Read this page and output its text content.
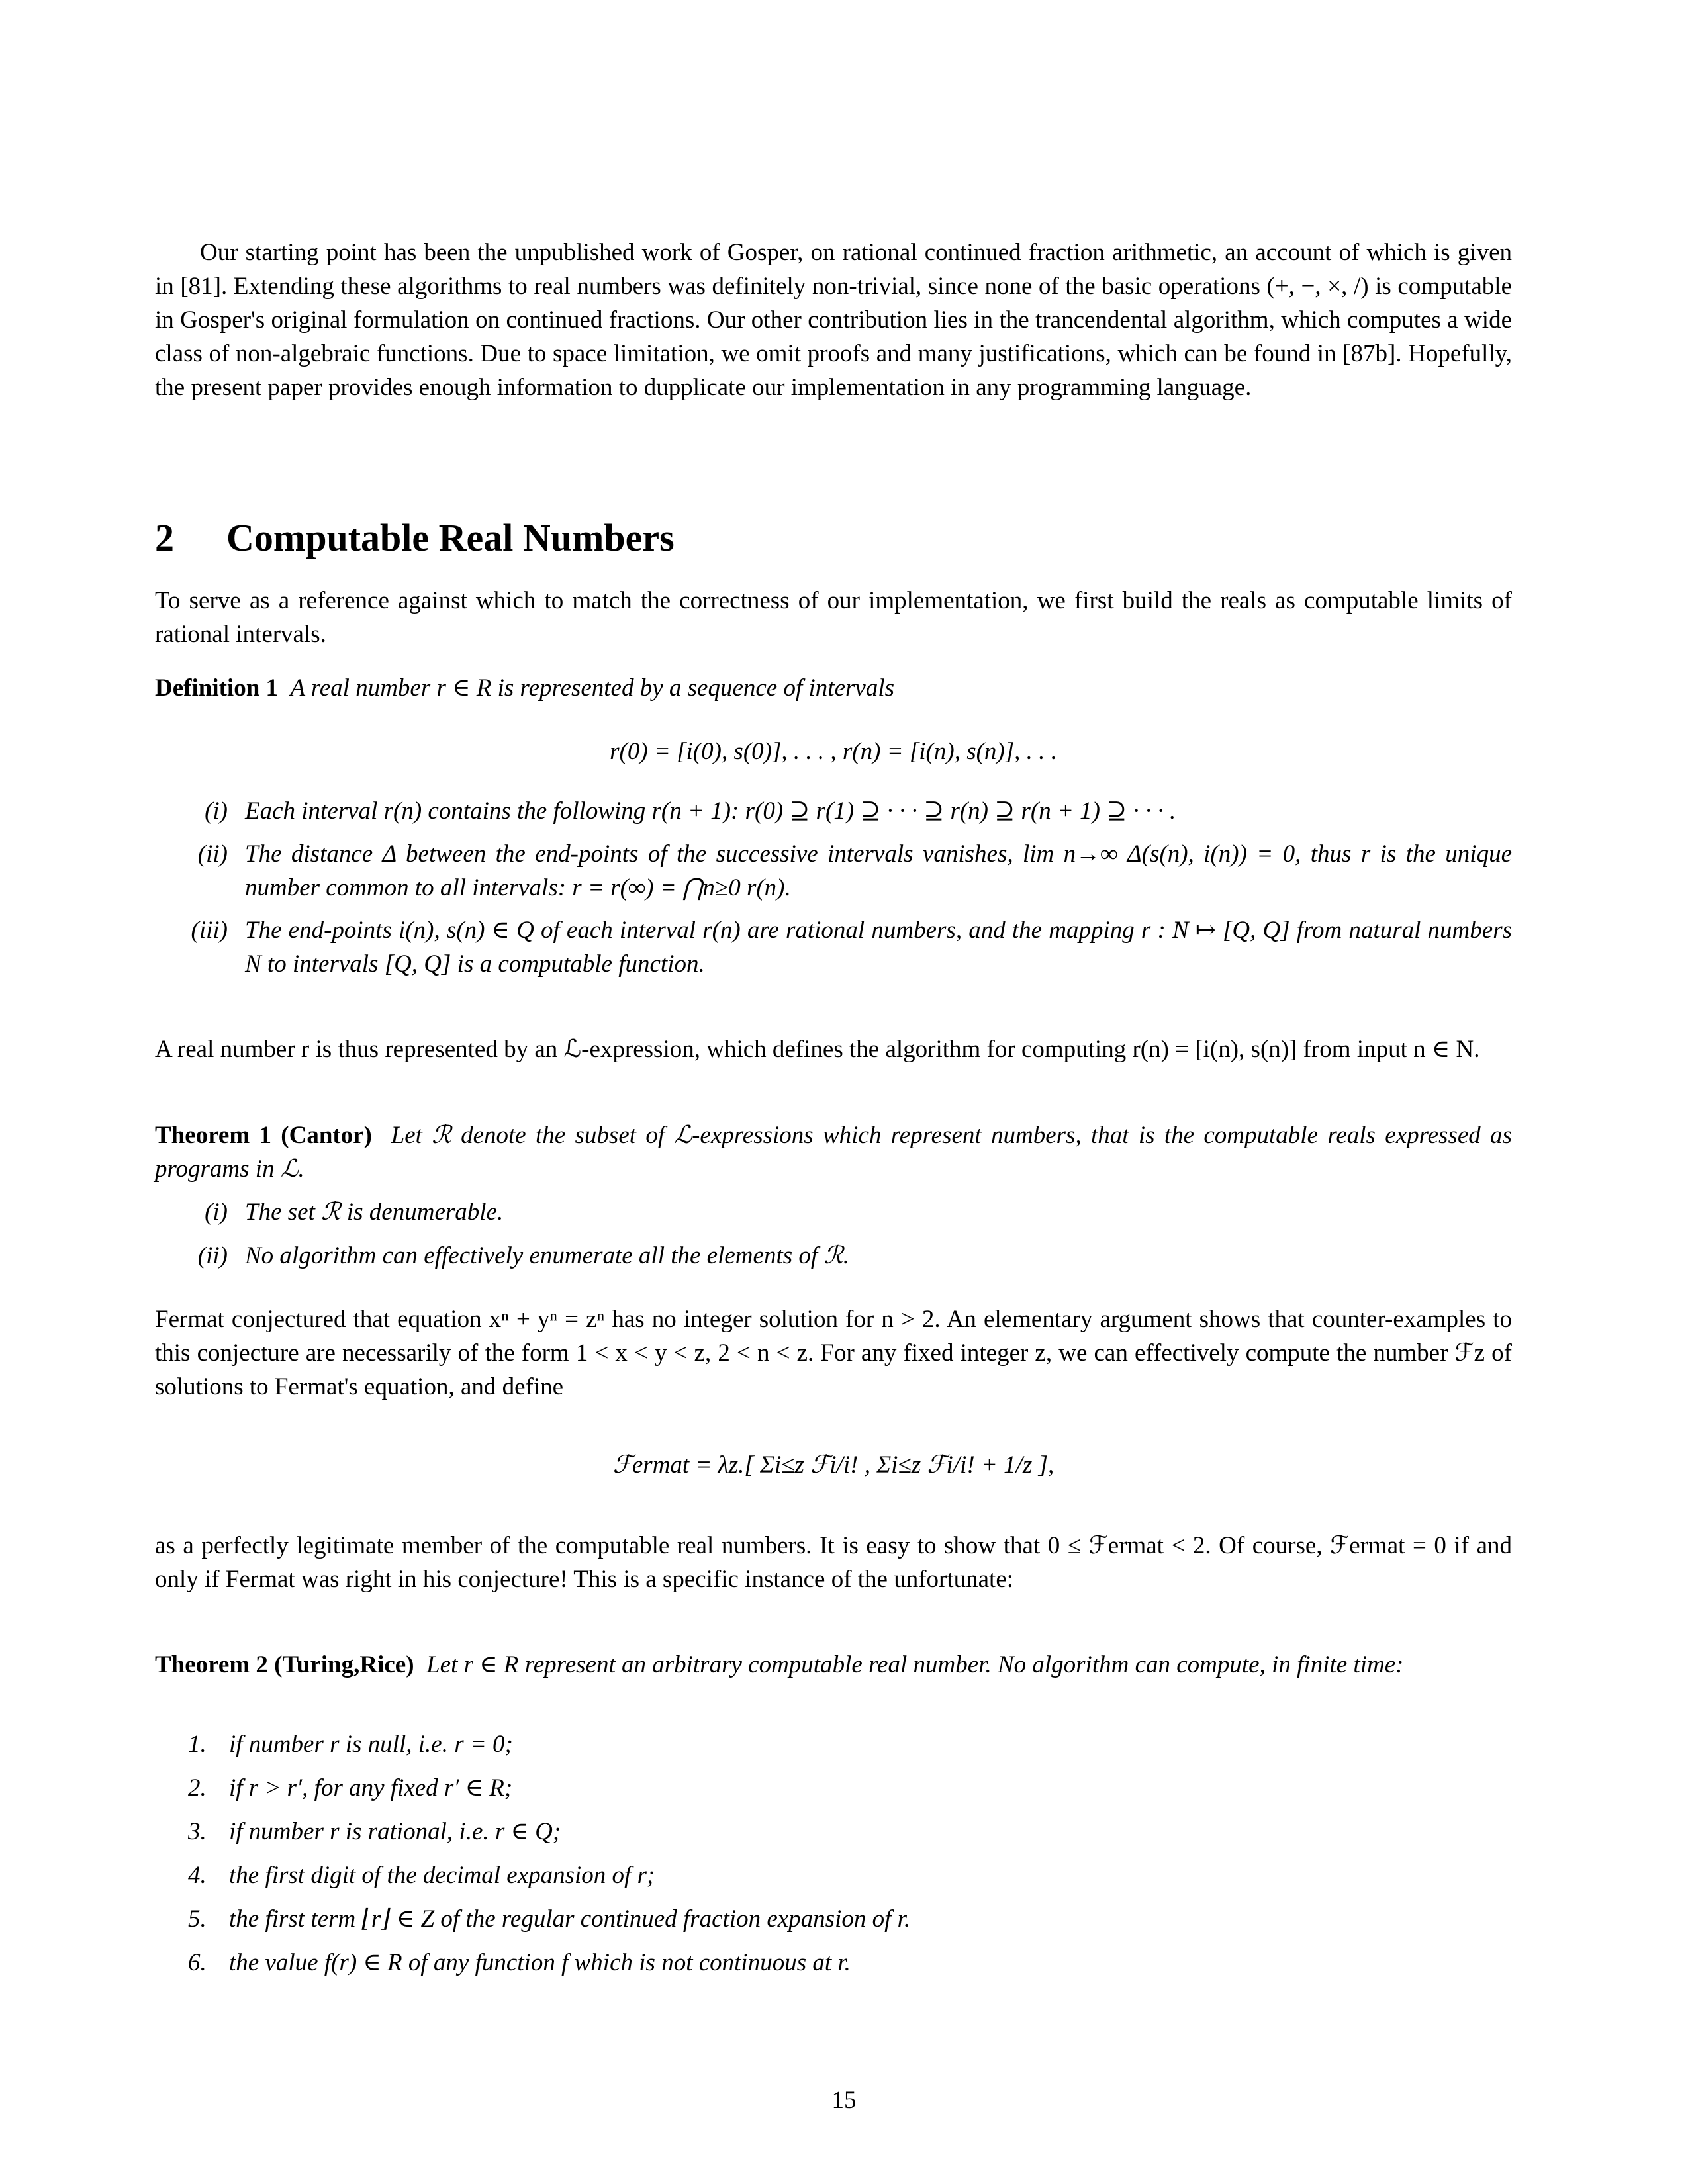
Our starting point has been the unpublished work of Gosper, on rational continued fraction arithmetic, an account of which is given in [81]. Extending these algorithms to real numbers was definitely non-trivial, since none of the basic operations (+, −, ×, /) is computable in Gosper's original formulation on continued fractions. Our other contribution lies in the trancendental algorithm, which computes a wide class of non-algebraic functions. Due to space limitation, we omit proofs and many justifications, which can be found in [87b]. Hopefully, the present paper provides enough information to dupplicate our implementation in any programming language.

2 Computable Real Numbers

To serve as a reference against which to match the correctness of our implementation, we first build the reals as computable limits of rational intervals.

Definition 1 A real number r ∈ R is represented by a sequence of intervals

r(0) = [i(0), s(0)], . . . , r(n) = [i(n), s(n)], . . .

(i) Each interval r(n) contains the following r(n + 1): r(0) ⊇ r(1) ⊇ · · · ⊇ r(n) ⊇ r(n + 1) ⊇ · · · .
(ii) The distance Δ between the end-points of the successive intervals vanishes, lim n→∞ Δ(s(n), i(n)) = 0, thus r is the unique number common to all intervals: r = r(∞) = ⋂n≥0 r(n).
(iii) The end-points i(n), s(n) ∈ Q of each interval r(n) are rational numbers, and the mapping r : N ↦ [Q, Q] from natural numbers N to intervals [Q, Q] is a computable function.

A real number r is thus represented by an ℒ-expression, which defines the algorithm for computing r(n) = [i(n), s(n)] from input n ∈ N.

Theorem 1 (Cantor) Let ℛ denote the subset of ℒ-expressions which represent numbers, that is the computable reals expressed as programs in ℒ.

(i) The set ℛ is denumerable.
(ii) No algorithm can effectively enumerate all the elements of ℛ.

Fermat conjectured that equation xⁿ + yⁿ = zⁿ has no integer solution for n > 2. An elementary argument shows that counter-examples to this conjecture are necessarily of the form 1 < x < y < z, 2 < n < z. For any fixed integer z, we can effectively compute the number ℱz of solutions to Fermat's equation, and define

ℱermat = λz.[ Σi≤z ℱi/i! , Σi≤z ℱi/i! + 1/z ],

as a perfectly legitimate member of the computable real numbers. It is easy to show that 0 ≤ ℱermat < 2. Of course, ℱermat = 0 if and only if Fermat was right in his conjecture! This is a specific instance of the unfortunate:

Theorem 2 (Turing,Rice) Let r ∈ R represent an arbitrary computable real number. No algorithm can compute, in finite time:

1. if number r is null, i.e. r = 0;
2. if r > r′, for any fixed r′ ∈ R;
3. if number r is rational, i.e. r ∈ Q;
4. the first digit of the decimal expansion of r;
5. the first term ⌊r⌋ ∈ Z of the regular continued fraction expansion of r.
6. the value f(r) ∈ R of any function f which is not continuous at r.

15
